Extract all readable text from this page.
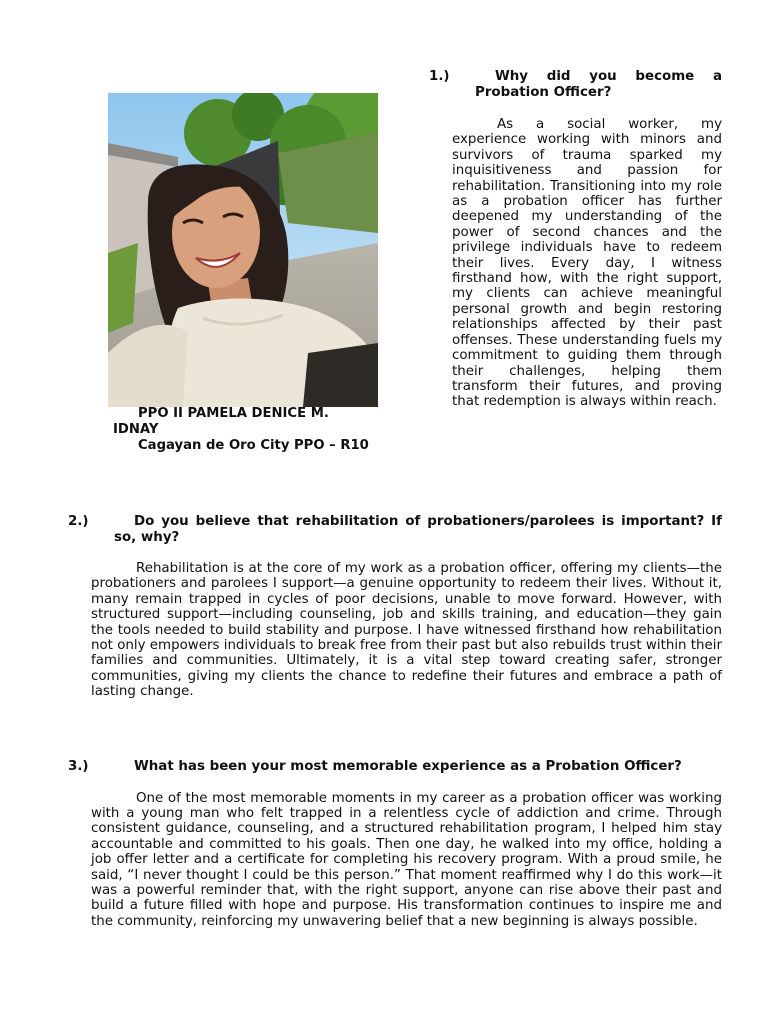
PPO II PAMELA DENICE M. IDNAY
Cagayan de Oro City PPO – R10
1.)	Why did you become a Probation Officer?
As a social worker, my experience working with minors and survivors of trauma sparked my inquisitiveness and passion for rehabilitation. Transitioning into my role as a probation officer has further deepened my understanding of the power of second chances and the privilege individuals have to redeem their lives. Every day, I witness firsthand how, with the right support, my clients can achieve meaningful personal growth and begin restoring relationships affected by their past offenses. These understanding fuels my commitment to guiding them through their challenges, helping them transform their futures, and proving that redemption is always within reach.
2.)	Do you believe that rehabilitation of probationers/parolees is important? If so, why?
Rehabilitation is at the core of my work as a probation officer, offering my clients—the probationers and parolees I support—a genuine opportunity to redeem their lives. Without it, many remain trapped in cycles of poor decisions, unable to move forward. However, with structured support—including counseling, job and skills training, and education—they gain the tools needed to build stability and purpose. I have witnessed firsthand how rehabilitation not only empowers individuals to break free from their past but also rebuilds trust within their families and communities. Ultimately, it is a vital step toward creating safer, stronger communities, giving my clients the chance to redefine their futures and embrace a path of lasting change.
3.)	What has been your most memorable experience as a Probation Officer?
One of the most memorable moments in my career as a probation officer was working with a young man who felt trapped in a relentless cycle of addiction and crime. Through consistent guidance, counseling, and a structured rehabilitation program, I helped him stay accountable and committed to his goals. Then one day, he walked into my office, holding a job offer letter and a certificate for completing his recovery program. With a proud smile, he said, “I never thought I could be this person.” That moment reaffirmed why I do this work—it was a powerful reminder that, with the right support, anyone can rise above their past and build a future filled with hope and purpose. His transformation continues to inspire me and the community, reinforcing my unwavering belief that a new beginning is always possible.
